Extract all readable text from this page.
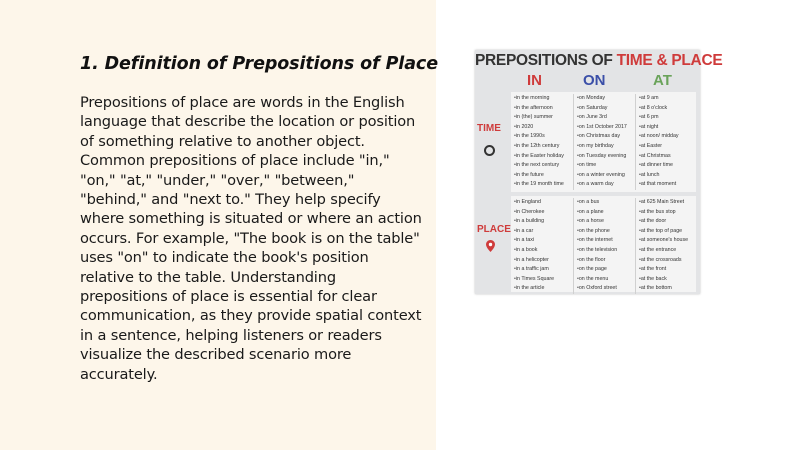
1. Definition of Prepositions of Place

Prepositions of place are words in the English language that describe the location or position of something relative to another object. Common prepositions of place include "in," "on," "at," "under," "over," "between," "behind," and "next to." They help specify where something is situated or where an action occurs. For example, "The book is on the table" uses "on" to indicate the book's position relative to the table. Understanding prepositions of place is essential for clear communication, as they provide spatial context in a sentence, helping listeners or readers visualize the described scenario more accurately.

PREPOSITIONS OF TIME & PLACE
IN	ON	AT
TIME
PLACE
• in the morning
• in the afternoon
• in (the) summer
• in 2020
• in the 1990s
• in the 12th century
• in the Easter holiday
• in the next century
• in the future
• in the 19 month time
• on Monday
• on Saturday
• on June 3rd
• on 1st October 2017
• on Christmas day
• on my birthday
• on Tuesday evening
• on time
• on a winter evening
• on a warm day
• at 9 am
• at 8 o'clock
• at 6 pm
• at night
• at noon/ midday
• at Easter
• at Christmas
• at dinner time
• at lunch
• at that moment
• in England
• in Cherokee
• in a building
• in a car
• in a taxi
• in a book
• in a helicopter
• in a traffic jam
• in Times Square
• in the article
• on a bus
• on a plane
• on a horse
• on the phone
• on the internet
• on the television
• on the floor
• on the page
• on the menu
• on Oxford street
• at 625 Main Street
• at the bus stop
• at the door
• at the top of page
• at someone's house
• at the entrance
• at the crossroads
• at the front
• at the back
• at the bottom
